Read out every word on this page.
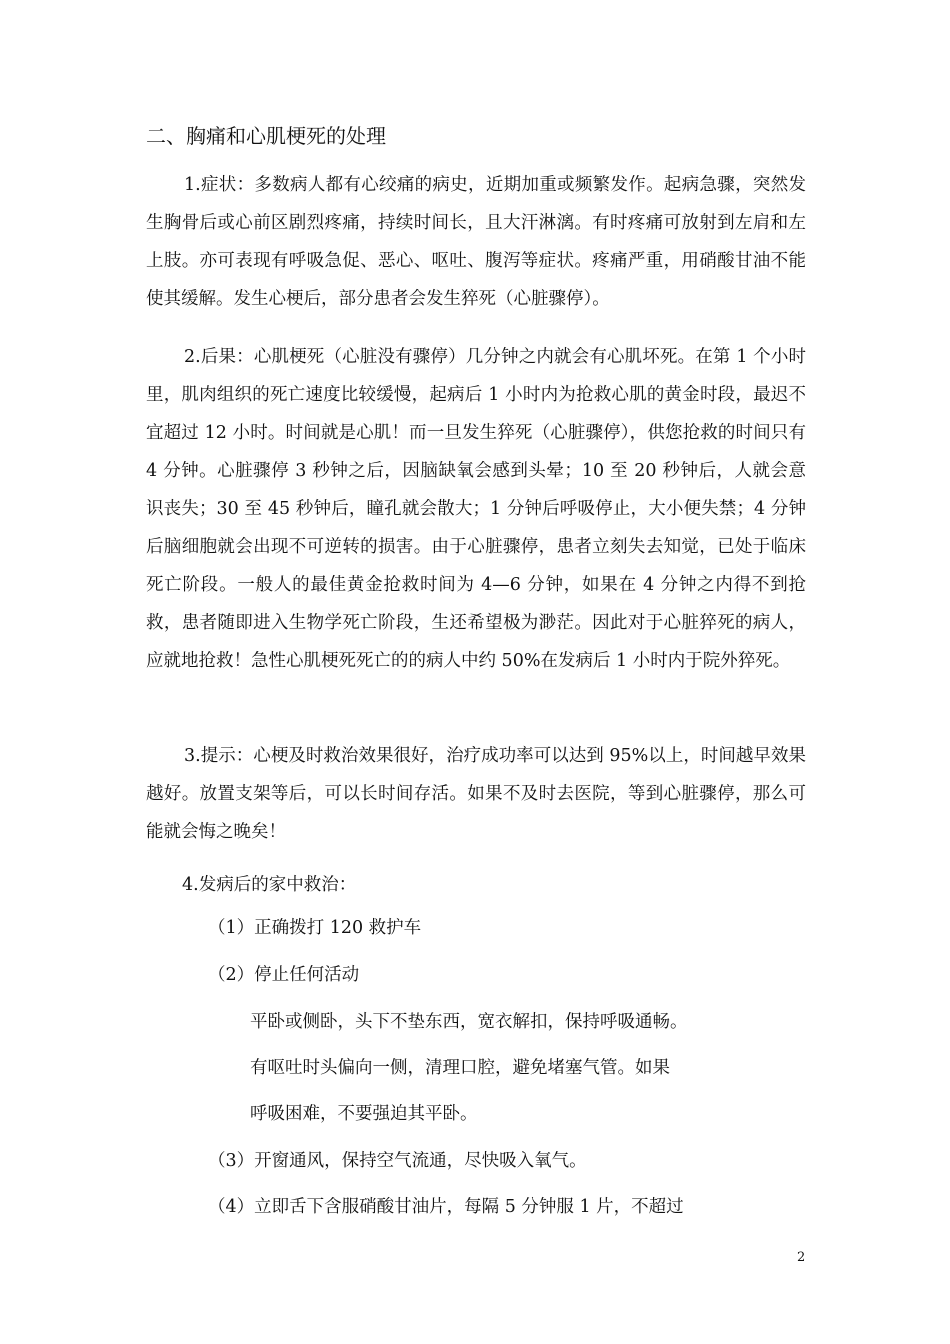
二、胸痛和心肌梗死的处理

1.症状：多数病人都有心绞痛的病史，近期加重或频繁发作。起病急骤，突然发生胸骨后或心前区剧烈疼痛，持续时间长，且大汗淋漓。有时疼痛可放射到左肩和左上肢。亦可表现有呼吸急促、恶心、呕吐、腹泻等症状。疼痛严重，用硝酸甘油不能使其缓解。发生心梗后，部分患者会发生猝死（心脏骤停）。

2.后果：心肌梗死（心脏没有骤停）几分钟之内就会有心肌坏死。在第 1 个小时里，肌肉组织的死亡速度比较缓慢，起病后 1 小时内为抢救心肌的黄金时段，最迟不宜超过 12 小时。时间就是心肌！而一旦发生猝死（心脏骤停），供您抢救的时间只有 4 分钟。心脏骤停 3 秒钟之后，因脑缺氧会感到头晕；10 至 20 秒钟后，人就会意识丧失；30 至 45 秒钟后，瞳孔就会散大；1 分钟后呼吸停止，大小便失禁；4 分钟后脑细胞就会出现不可逆转的损害。由于心脏骤停，患者立刻失去知觉，已处于临床死亡阶段。一般人的最佳黄金抢救时间为 4—6 分钟，如果在 4 分钟之内得不到抢救，患者随即进入生物学死亡阶段，生还希望极为渺茫。因此对于心脏猝死的病人，应就地抢救！急性心肌梗死死亡的的病人中约 50%在发病后 1 小时内于院外猝死。

3.提示：心梗及时救治效果很好，治疗成功率可以达到 95%以上，时间越早效果越好。放置支架等后，可以长时间存活。如果不及时去医院，等到心脏骤停，那么可能就会悔之晚矣！

4.发病后的家中救治：
（1）正确拨打 120 救护车
（2）停止任何活动
平卧或侧卧，头下不垫东西，宽衣解扣，保持呼吸通畅。
有呕吐时头偏向一侧，清理口腔，避免堵塞气管。如果
呼吸困难，不要强迫其平卧。
（3）开窗通风，保持空气流通，尽快吸入氧气。
（4）立即舌下含服硝酸甘油片，每隔 5 分钟服 1 片，不超过
2
